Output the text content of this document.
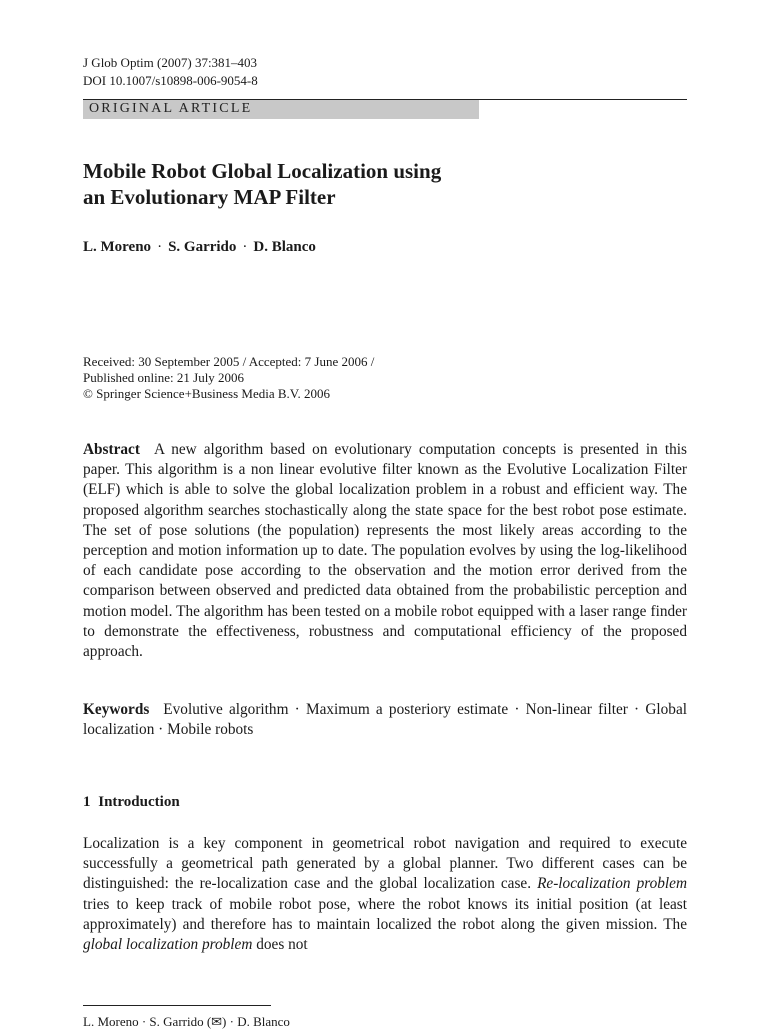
J Glob Optim (2007) 37:381–403
DOI 10.1007/s10898-006-9054-8
ORIGINAL ARTICLE
Mobile Robot Global Localization using
an Evolutionary MAP Filter
L. Moreno · S. Garrido · D. Blanco
Received: 30 September 2005 / Accepted: 7 June 2006 /
Published online: 21 July 2006
© Springer Science+Business Media B.V. 2006

Abstract A new algorithm based on evolutionary computation concepts is presented in this paper. This algorithm is a non linear evolutive filter known as the Evolutive Localization Filter (ELF) which is able to solve the global localization problem in a robust and efficient way. The proposed algorithm searches stochastically along the state space for the best robot pose estimate. The set of pose solutions (the population) represents the most likely areas according to the perception and motion information up to date. The population evolves by using the log-likelihood of each candidate pose according to the observation and the motion error derived from the comparison between observed and predicted data obtained from the probabilistic perception and motion model. The algorithm has been tested on a mobile robot equipped with a laser range finder to demonstrate the effectiveness, robustness and computational efficiency of the proposed approach.

Keywords Evolutive algorithm · Maximum a posteriory estimate · Non-linear filter · Global localization · Mobile robots

1 Introduction

Localization is a key component in geometrical robot navigation and required to execute successfully a geometrical path generated by a global planner. Two different cases can be distinguished: the re-localization case and the global localization case. Re-localization problem tries to keep track of mobile robot pose, where the robot knows its initial position (at least approximately) and therefore has to maintain localized the robot along the given mission. The global localization problem does not

L. Moreno · S. Garrido (✉) · D. Blanco
